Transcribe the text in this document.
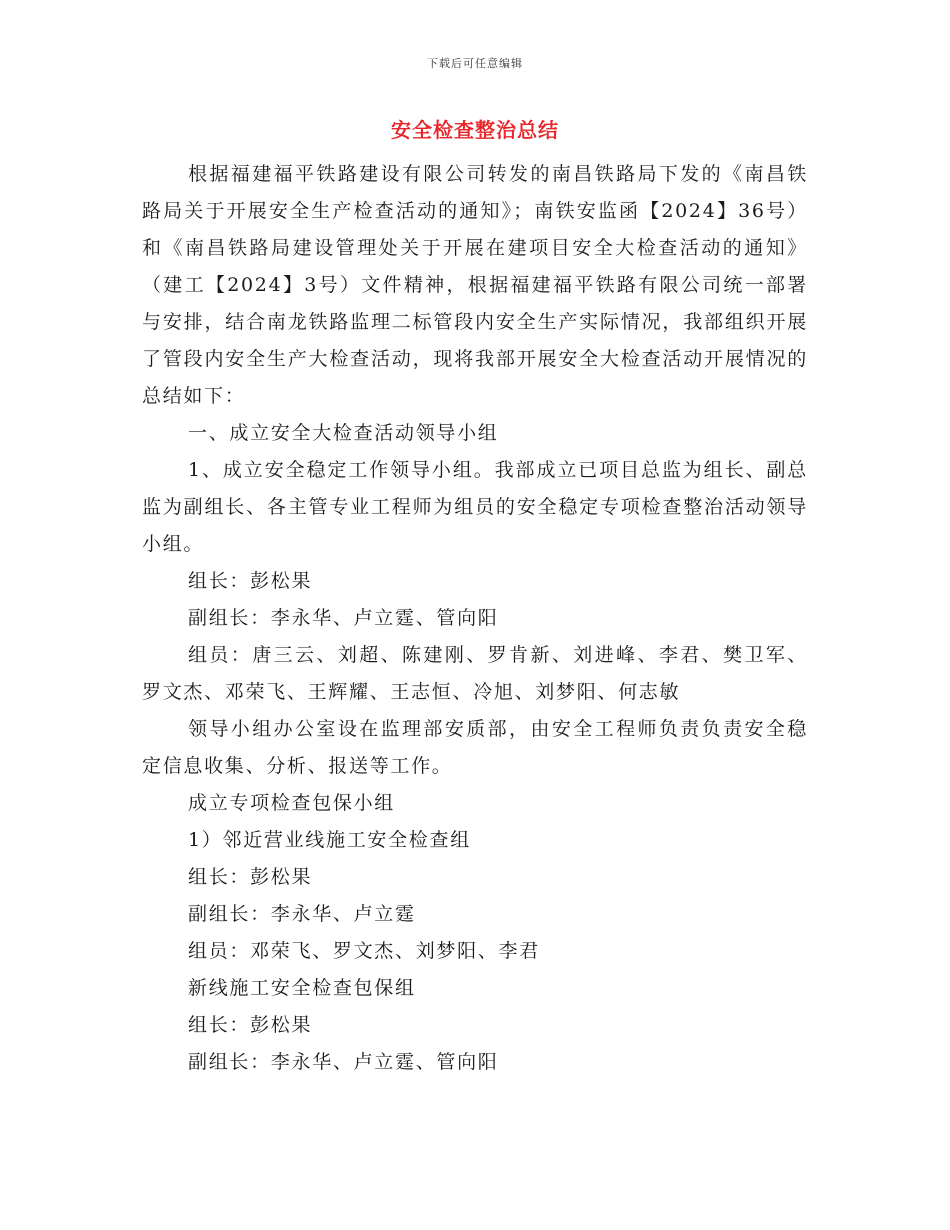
下载后可任意编辑
安全检查整治总结

根据福建福平铁路建设有限公司转发的南昌铁路局下发的《南昌铁路局关于开展安全生产检查活动的通知》；南铁安监函【2024】36号）和《南昌铁路局建设管理处关于开展在建项目安全大检查活动的通知》（建工【2024】3号）文件精神，根据福建福平铁路有限公司统一部署与安排，结合南龙铁路监理二标管段内安全生产实际情况，我部组织开展了管段内安全生产大检查活动，现将我部开展安全大检查活动开展情况的总结如下：

一、成立安全大检查活动领导小组

1、成立安全稳定工作领导小组。我部成立已项目总监为组长、副总监为副组长、各主管专业工程师为组员的安全稳定专项检查整治活动领导小组。

组长：彭松果

副组长：李永华、卢立霆、管向阳

组员：唐三云、刘超、陈建刚、罗肯新、刘进峰、李君、樊卫军、罗文杰、邓荣飞、王辉耀、王志恒、冷旭、刘梦阳、何志敏

领导小组办公室设在监理部安质部，由安全工程师负责负责安全稳定信息收集、分析、报送等工作。

成立专项检查包保小组

1）邻近营业线施工安全检查组

组长：彭松果

副组长：李永华、卢立霆

组员：邓荣飞、罗文杰、刘梦阳、李君

新线施工安全检查包保组

组长：彭松果

副组长：李永华、卢立霆、管向阳
